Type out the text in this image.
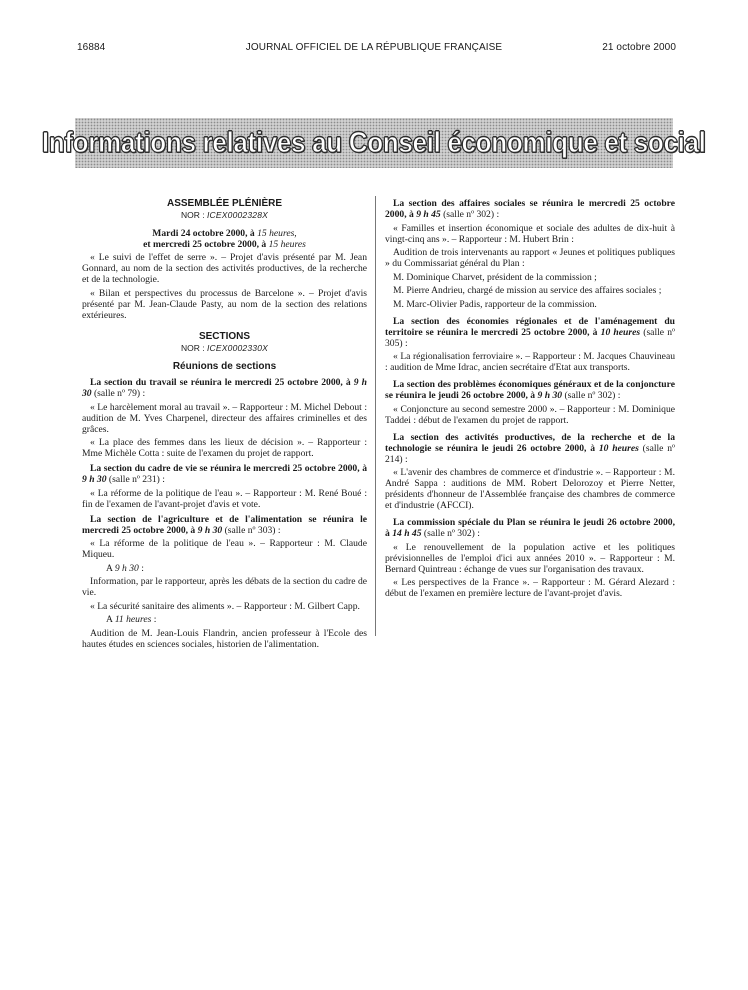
16884	JOURNAL OFFICIEL DE LA RÉPUBLIQUE FRANÇAISE	21 octobre 2000
Informations relatives au Conseil économique et social
ASSEMBLÉE PLÉNIÈRE
NOR : ICEX0002328X
Mardi 24 octobre 2000, à 15 heures,
et mercredi 25 octobre 2000, à 15 heures

« Le suivi de l'effet de serre ». – Projet d'avis présenté par M. Jean Gonnard, au nom de la section des activités productives, de la recherche et de la technologie.

« Bilan et perspectives du processus de Barcelone ». – Projet d'avis présenté par M. Jean-Claude Pasty, au nom de la section des relations extérieures.

SECTIONS
NOR : ICEX0002330X
Réunions de sections

La section du travail se réunira le mercredi 25 octobre 2000, à 9 h 30 (salle nº 79) :

« Le harcèlement moral au travail ». – Rapporteur : M. Michel Debout : audition de M. Yves Charpenel, directeur des affaires criminelles et des grâces.

« La place des femmes dans les lieux de décision ». – Rapporteur : Mme Michèle Cotta : suite de l'examen du projet de rapport.

La section du cadre de vie se réunira le mercredi 25 octobre 2000, à 9 h 30 (salle nº 231) :

« La réforme de la politique de l'eau ». – Rapporteur : M. René Boué : fin de l'examen de l'avant-projet d'avis et vote.

La section de l'agriculture et de l'alimentation se réunira le mercredi 25 octobre 2000, à 9 h 30 (salle nº 303) :

« La réforme de la politique de l'eau ». – Rapporteur : M. Claude Miqueu.

A 9 h 30 :

Information, par le rapporteur, après les débats de la section du cadre de vie.

« La sécurité sanitaire des aliments ». – Rapporteur : M. Gilbert Capp.

A 11 heures :

Audition de M. Jean-Louis Flandrin, ancien professeur à l'Ecole des hautes études en sciences sociales, historien de l'alimentation.

La section des affaires sociales se réunira le mercredi 25 octobre 2000, à 9 h 45 (salle nº 302) :

« Familles et insertion économique et sociale des adultes de dix-huit à vingt-cinq ans ». – Rapporteur : M. Hubert Brin :

Audition de trois intervenants au rapport « Jeunes et politiques publiques » du Commissariat général du Plan :

M. Dominique Charvet, président de la commission ;

M. Pierre Andrieu, chargé de mission au service des affaires sociales ;

M. Marc-Olivier Padis, rapporteur de la commission.

La section des économies régionales et de l'aménagement du territoire se réunira le mercredi 25 octobre 2000, à 10 heures (salle nº 305) :

« La régionalisation ferroviaire ». – Rapporteur : M. Jacques Chauvineau : audition de Mme Idrac, ancien secrétaire d'Etat aux transports.

La section des problèmes économiques généraux et de la conjoncture se réunira le jeudi 26 octobre 2000, à 9 h 30 (salle nº 302) :

« Conjoncture au second semestre 2000 ». – Rapporteur : M. Dominique Taddei : début de l'examen du projet de rapport.

La section des activités productives, de la recherche et de la technologie se réunira le jeudi 26 octobre 2000, à 10 heures (salle nº 214) :

« L'avenir des chambres de commerce et d'industrie ». – Rapporteur : M. André Sappa : auditions de MM. Robert Delorozoy et Pierre Netter, présidents d'honneur de l'Assemblée française des chambres de commerce et d'industrie (AFCCI).

La commission spéciale du Plan se réunira le jeudi 26 octobre 2000, à 14 h 45 (salle nº 302) :

« Le renouvellement de la population active et les politiques prévisionnelles de l'emploi d'ici aux années 2010 ». – Rapporteur : M. Bernard Quintreau : échange de vues sur l'organisation des travaux.

« Les perspectives de la France ». – Rapporteur : M. Gérard Alezard : début de l'examen en première lecture de l'avant-projet d'avis.
